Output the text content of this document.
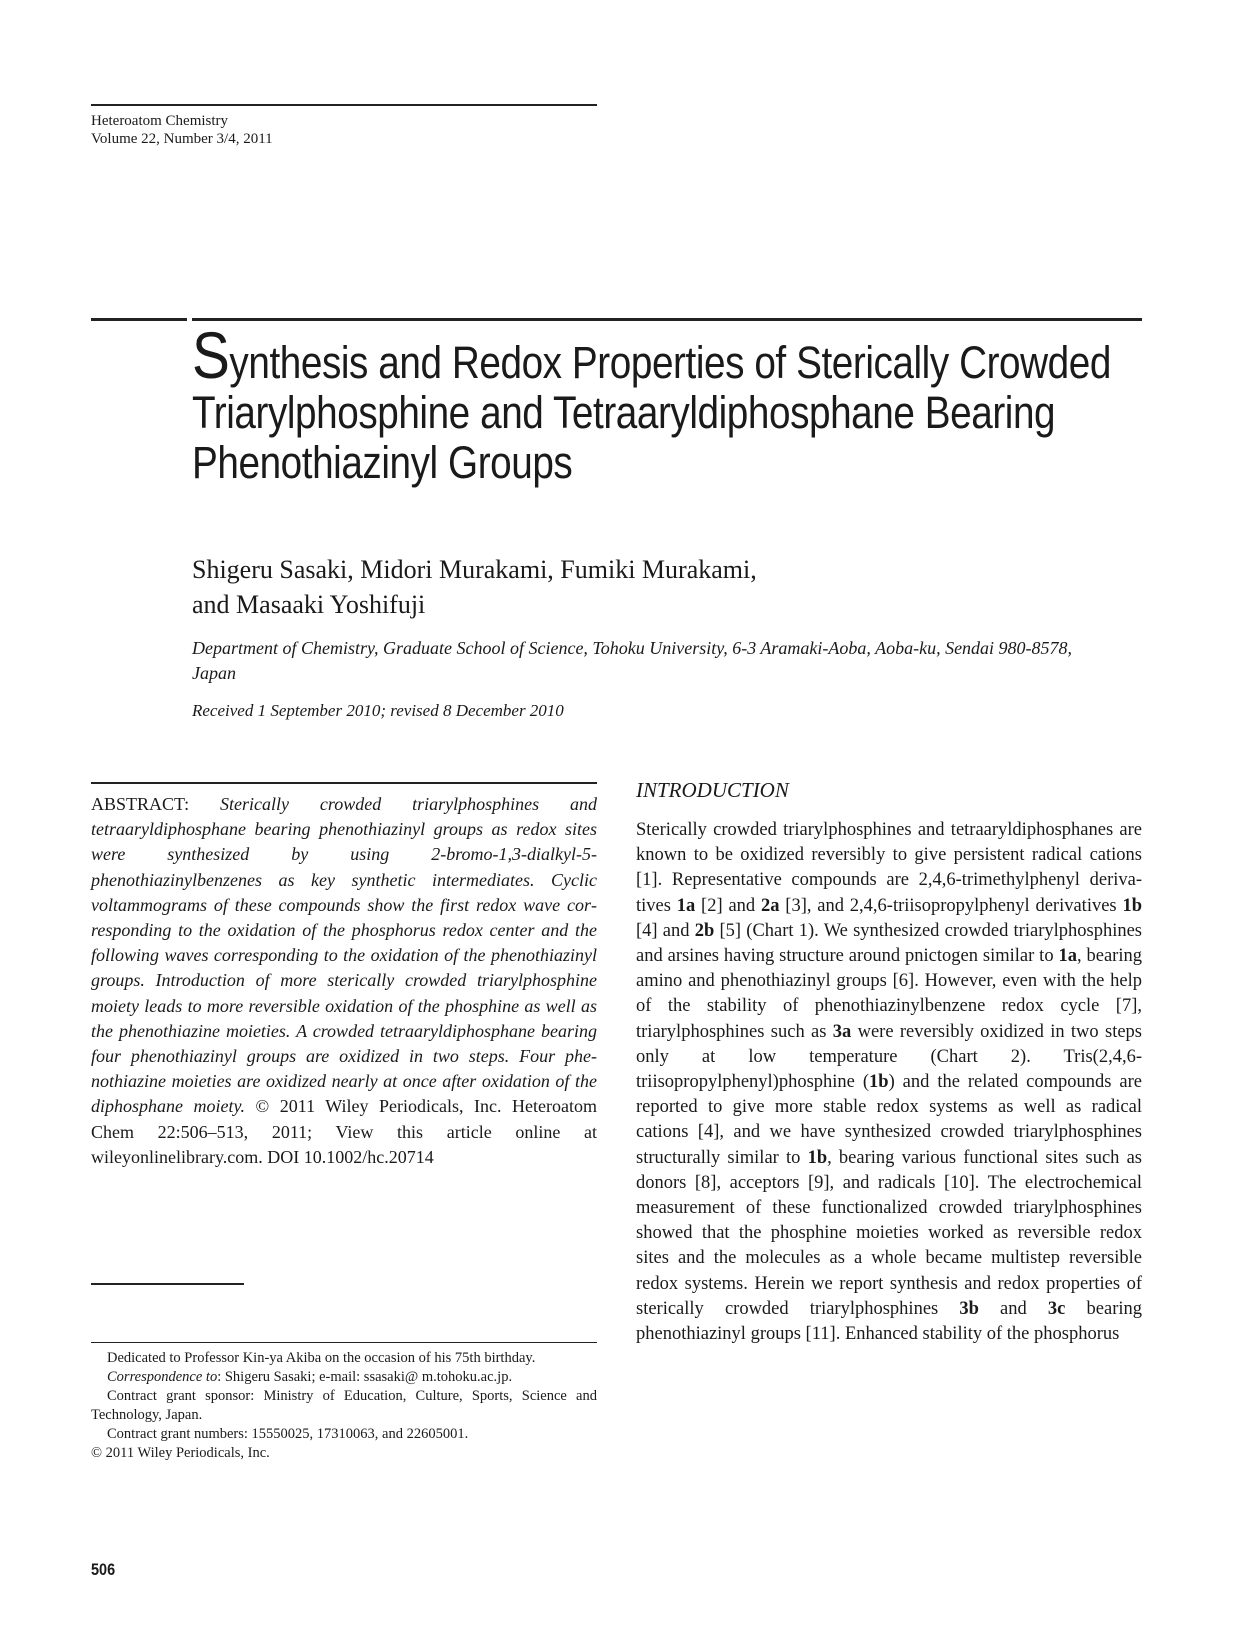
Heteroatom Chemistry
Volume 22, Number 3/4, 2011
Synthesis and Redox Properties of Sterically Crowded Triarylphosphine and Tetraaryldiphosphane Bearing Phenothiazinyl Groups
Shigeru Sasaki, Midori Murakami, Fumiki Murakami,
and Masaaki Yoshifuji
Department of Chemistry, Graduate School of Science, Tohoku University, 6-3 Aramaki-Aoba, Aoba-ku, Sendai 980-8578, Japan
Received 1 September 2010; revised 8 December 2010
ABSTRACT: Sterically crowded triarylphosphines and tetraaryldiphosphane bearing phenothiazinyl groups as redox sites were synthesized by using 2-bromo-1,3-dialkyl-5-phenothiazinylbenzenes as key synthetic intermediates. Cyclic voltammograms of these compounds show the first redox wave corresponding to the oxidation of the phosphorus redox center and the following waves corresponding to the oxidation of the phenothiazinyl groups. Introduction of more sterically crowded triarylphosphine moiety leads to more reversible oxidation of the phosphine as well as the phenothiazine moieties. A crowded tetraaryldiphosphane bearing four phenothiazinyl groups are oxidized in two steps. Four phenothiazine moieties are oxidized nearly at once after oxidation of the diphosphane moiety. © 2011 Wiley Periodicals, Inc. Heteroatom Chem 22:506–513, 2011; View this article online at wileyonlinelibrary.com. DOI 10.1002/hc.20714

Dedicated to Professor Kin-ya Akiba on the occasion of his 75th birthday.

Correspondence to: Shigeru Sasaki; e-mail: ssasaki@ m.tohoku.ac.jp.

Contract grant sponsor: Ministry of Education, Culture, Sports, Science and Technology, Japan.

Contract grant numbers: 15550025, 17310063, and 22605001.

© 2011 Wiley Periodicals, Inc.

INTRODUCTION

Sterically crowded triarylphosphines and tetraaryldiphosphanes are known to be oxidized reversibly to give persistent radical cations [1]. Representative compounds are 2,4,6-trimethylphenyl derivatives 1a [2] and 2a [3], and 2,4,6-triisopropylphenyl derivatives 1b [4] and 2b [5] (Chart 1). We synthesized crowded triarylphosphines and arsines having structure around pnictogen similar to 1a, bearing amino and phenothiazinyl groups [6]. However, even with the help of the stability of phenothiazinylbenzene redox cycle [7], triarylphosphines such as 3a were reversibly oxidized in two steps only at low temperature (Chart 2). Tris(2,4,6-triisopropylphenyl)phosphine (1b) and the related compounds are reported to give more stable redox systems as well as radical cations [4], and we have synthesized crowded triarylphosphines structurally similar to 1b, bearing various functional sites such as donors [8], acceptors [9], and radicals [10]. The electrochemical measurement of these functionalized crowded triarylphosphines showed that the phosphine moieties worked as reversible redox sites and the molecules as a whole became multistep reversible redox systems. Herein we report synthesis and redox properties of sterically crowded triarylphosphines 3b and 3c bearing phenothiazinyl groups [11]. Enhanced stability of the phosphorus

506
